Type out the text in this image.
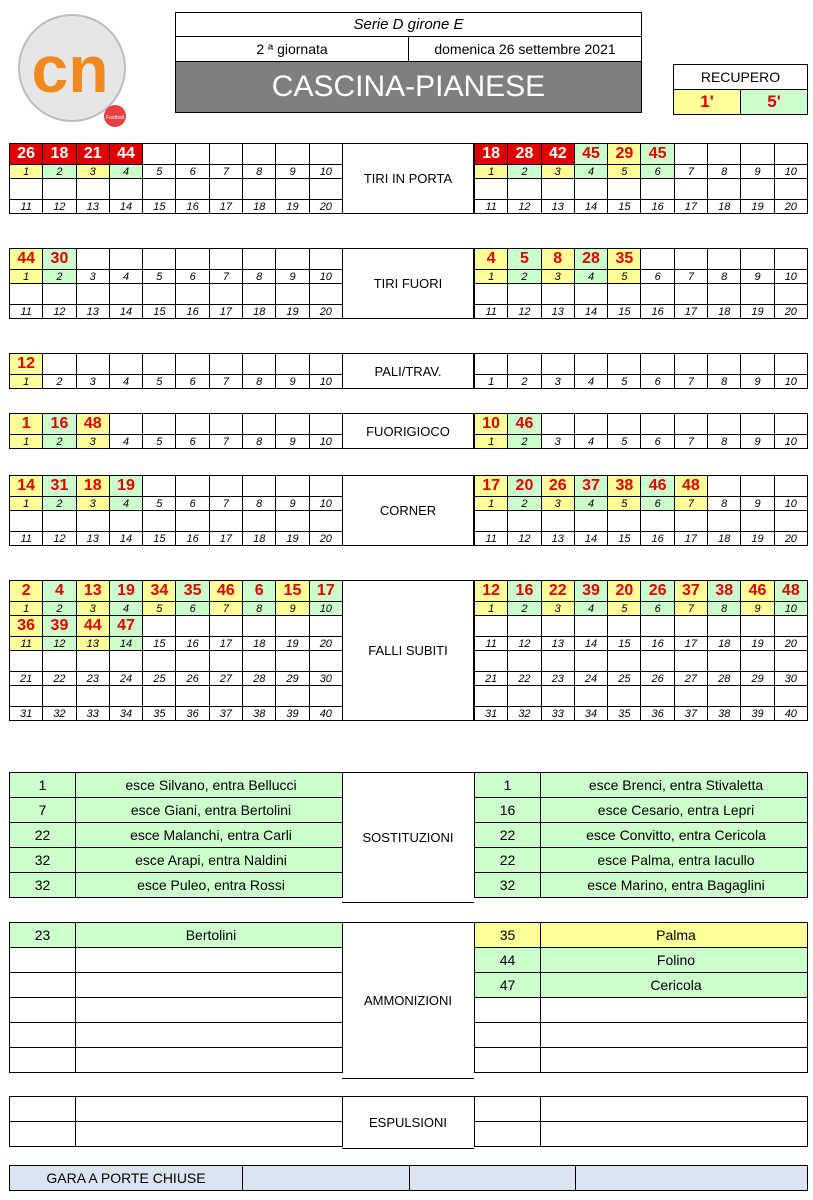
cn
Football
Serie D girone E
2 ª giornata	domenica 26 settembre 2021
CASCINA-PIANESE	RECUPERO
1'	5'
26	18	21	44						
1	2	3	4	5	6	7	8	9	10

11	12	13	14	15	16	17	18	19	20
TIRI IN PORTA
18	28	42	45	29	45				
1	2	3	4	5	6	7	8	9	10

11	12	13	14	15	16	17	18	19	20
44	30								
1	2	3	4	5	6	7	8	9	10

11	12	13	14	15	16	17	18	19	20
TIRI FUORI
4	5	8	28	35					
1	2	3	4	5	6	7	8	9	10

11	12	13	14	15	16	17	18	19	20
12									
1	2	3	4	5	6	7	8	9	10
PALI/TRAV.

1	2	3	4	5	6	7	8	9	10
1	16	48							
1	2	3	4	5	6	7	8	9	10
FUORIGIOCO	10	46								
1	2	3	4	5	6	7	8	9	10
14	31	18	19						
1	2	3	4	5	6	7	8	9	10

11	12	13	14	15	16	17	18	19	20
CORNER
17	20	26	37	38	46	48			
1	2	3	4	5	6	7	8	9	10

11	12	13	14	15	16	17	18	19	20
2	4	13	19	34	35	46	6	15	17
1	2	3	4	5	6	7	8	9	10
36	39	44	47						
11	12	13	14	15	16	17	18	19	20

21	22	23	24	25	26	27	28	29	30

31	32	33	34	35	36	37	38	39	40
FALLI SUBITI
12	16	22	39	20	26	37	38	46	48
1	2	3	4	5	6	7	8	9	10

11	12	13	14	15	16	17	18	19	20

21	22	23	24	25	26	27	28	29	30

31	32	33	34	35	36	37	38	39	40
1	esce Silvano, entra Bellucci
7	esce Giani, entra Bertolini
22	esce Malanchi, entra Carli
32	esce Arapi, entra Naldini
32	esce Puleo, entra Rossi
SOSTITUZIONI
1	esce Brenci, entra Stivaletta
16	esce Cesario, entra Lepri
22	esce Convitto, entra Cericola
22	esce Palma, entra Iacullo
32	esce Marino, entra Bagaglini
23	Bertolini

AMMONIZIONI
35	Palma
44	Folino
47	Cericola

ESPULSIONI

GARA A PORTE CHIUSE			
